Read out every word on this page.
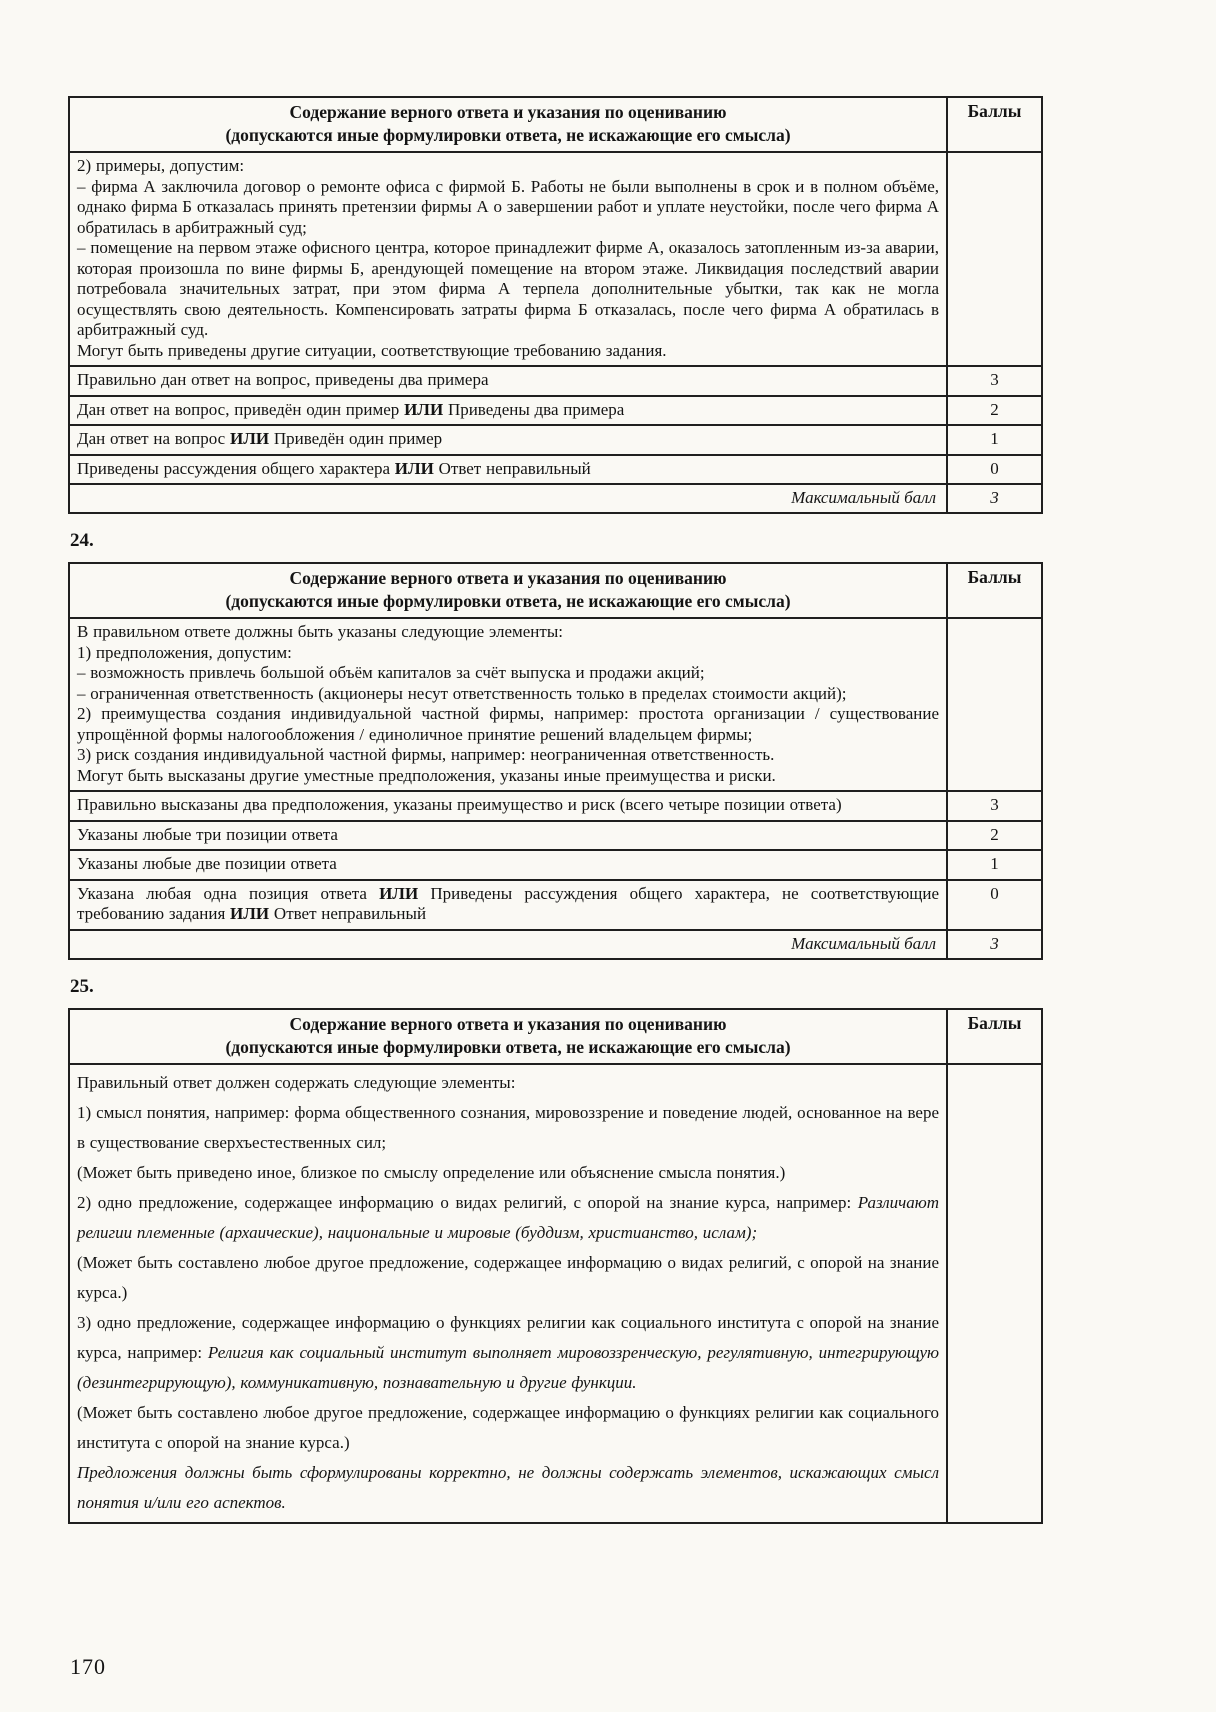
Содержание верного ответа и указания по оцениванию
(допускаются иные формулировки ответа, не искажающие его смысла)	Баллы

2) примеры, допустим:

– фирма А заключила договор о ремонте офиса с фирмой Б. Работы не были выполнены в срок и в полном объёме, однако фирма Б отказалась принять претензии фирмы А о завершении работ и уплате неустойки, после чего фирма А обратилась в арбитражный суд;

– помещение на первом этаже офисного центра, которое принадлежит фирме А, оказалось затопленным из-за аварии, которая произошла по вине фирмы Б, арендующей помещение на втором этаже. Ликвидация последствий аварии потребовала значительных затрат, при этом фирма А терпела дополнительные убытки, так как не могла осуществлять свою деятельность. Компенсировать затраты фирма Б отказалась, после чего фирма А обратилась в арбитражный суд.

Могут быть приведены другие ситуации, соответствующие требованию задания.	

Правильно дан ответ на вопрос, приведены два примера	3

Дан ответ на вопрос, приведён один пример ИЛИ Приведены два примера	2

Дан ответ на вопрос ИЛИ Приведён один пример	1

Приведены рассуждения общего характера ИЛИ Ответ неправильный	0
Максимальный балл	3
24.
Содержание верного ответа и указания по оцениванию
(допускаются иные формулировки ответа, не искажающие его смысла)	Баллы

В правильном ответе должны быть указаны следующие элементы:

1) предположения, допустим:

– возможность привлечь большой объём капиталов за счёт выпуска и продажи акций;

– ограниченная ответственность (акционеры несут ответственность только в пределах стоимости акций);

2) преимущества создания индивидуальной частной фирмы, например: простота организации / существование упрощённой формы налогообложения / единоличное принятие решений владельцем фирмы;

3) риск создания индивидуальной частной фирмы, например: неограниченная ответственность.

Могут быть высказаны другие уместные предположения, указаны иные преимущества и риски.

Правильно высказаны два предположения, указаны преимущество и риск (всего четыре позиции ответа)	3

Указаны любые три позиции ответа	2

Указаны любые две позиции ответа	1

Указана любая одна позиция ответа ИЛИ Приведены рассуждения общего характера, не соответствующие требованию задания ИЛИ Ответ неправильный	0
Максимальный балл	3
25.
Содержание верного ответа и указания по оцениванию
(допускаются иные формулировки ответа, не искажающие его смысла)	Баллы

Правильный ответ должен содержать следующие элементы:

1) смысл понятия, например: форма общественного сознания, мировоззрение и поведение людей, основанное на вере в существование сверхъестественных сил;

(Может быть приведено иное, близкое по смыслу определение или объяснение смысла понятия.)

2) одно предложение, содержащее информацию о видах религий, с опорой на знание курса, например: Различают религии племенные (архаические), национальные и мировые (буддизм, христианство, ислам);

(Может быть составлено любое другое предложение, содержащее информацию о видах религий, с опорой на знание курса.)

3) одно предложение, содержащее информацию о функциях религии как социального института с опорой на знание курса, например: Религия как социальный институт выполняет мировоззренческую, регулятивную, интегрирующую (дезинтегрирующую), коммуникативную, познавательную и другие функции.

(Может быть составлено любое другое предложение, содержащее информацию о функциях религии как социального института с опорой на знание курса.)

Предложения должны быть сформулированы корректно, не должны содержать элементов, искажающих смысл понятия и/или его аспектов.

170
